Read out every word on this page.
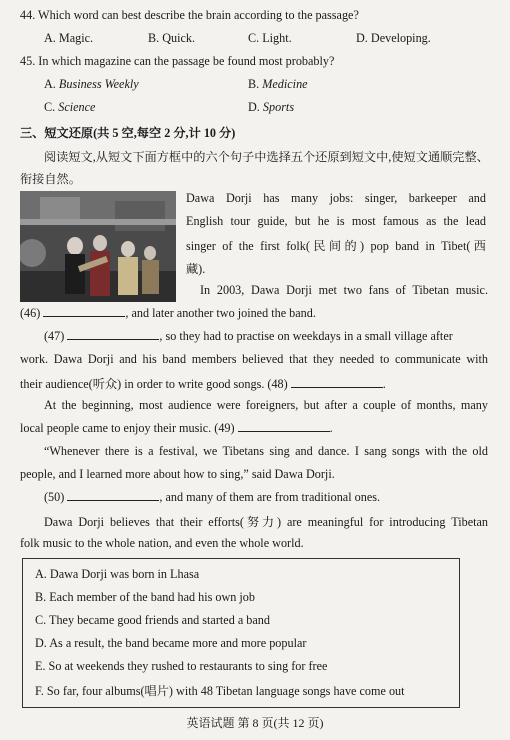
44. Which word can best describe the brain according to the passage?
A. Magic.	B. Quick.	C. Light.	D. Developing.
45. In which magazine can the passage be found most probably?
A. Business Weekly	B. Medicine
C. Science	D. Sports
三、短文还原(共 5 空,每空 2 分,计 10 分)
阅读短文,从短文下面方框中的六个句子中选择五个还原到短文中,使短文通顺完整、
衔接自然。
Dawa Dorji has many jobs: singer, barkeeper and
English tour guide, but he is most famous as the lead
singer of the first folk(民间的) pop band in Tibet(西
藏).
In 2003, Dawa Dorji met two fans of Tibetan music.
(46)	, and later another two joined the band.
(47)	, so they had to practise on weekdays in a small village after
work. Dawa Dorji and his band members believed that they needed to communicate with
their audience(听众) in order to write good songs. (48)	.
At the beginning, most audience were foreigners, but after a couple of months, many
local people came to enjoy their music. (49)	.
“Whenever there is a festival, we Tibetans sing and dance. I sang songs with the old
people, and I learned more about how to sing,” said Dawa Dorji.
(50)	, and many of them are from traditional ones.
Dawa Dorji believes that their efforts(努力) are meaningful for introducing Tibetan
folk music to the whole nation, and even the whole world.
A. Dawa Dorji was born in Lhasa
B. Each member of the band had his own job
C. They became good friends and started a band
D. As a result, the band became more and more popular
E. So at weekends they rushed to restaurants to sing for free
F. So far, four albums(唱片) with 48 Tibetan language songs have come out
英语试题 第 8 页(共 12 页)
